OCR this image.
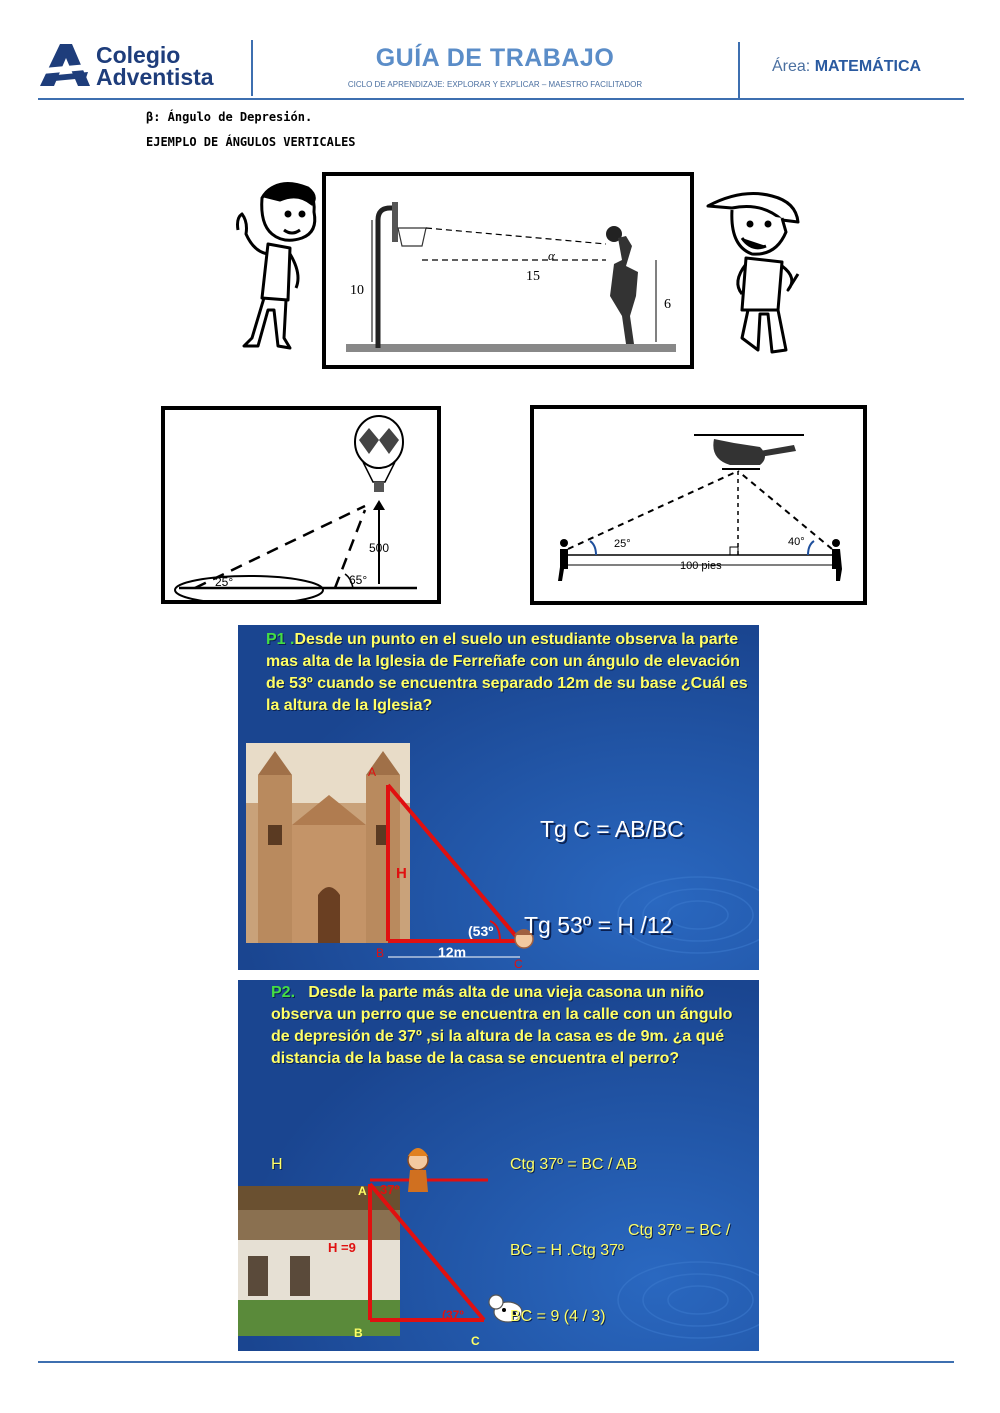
Colegio
Adventista
GUÍA DE TRABAJO
CICLO DE APRENDIZAJE: EXPLORAR Y EXPLICAR – MAESTRO FACILITADOR
Área: MATEMÁTICA
β: Ángulo de Depresión.
EJEMPLO DE ÁNGULOS VERTICALES
10
15
α
6
500
25°	65°
100 pies
25°	40°
P1 .Desde un punto en el suelo un estudiante observa la parte mas alta de la Iglesia de Ferreñafe con un ángulo de elevación de 53º cuando se encuentra separado 12m de su base ¿Cuál es la altura de la Iglesia?

Tg C = AB/BC

Tg 53º = H /12

A
H
B
C
(53º
12m
P2. Desde la parte más alta de una vieja casona un niño observa un perro que se encuentra en la calle con un ángulo de depresión de 37º ,si la altura de la casa es de 9m. ¿a qué distancia de la base de la casa se encuentra el perro?

Ctg 37º = BC / AB

Ctg 37º = BC /

H

BC = H .Ctg 37º

BC = 9 (4 / 3)

A 37º
H =9
B
(37º
C
